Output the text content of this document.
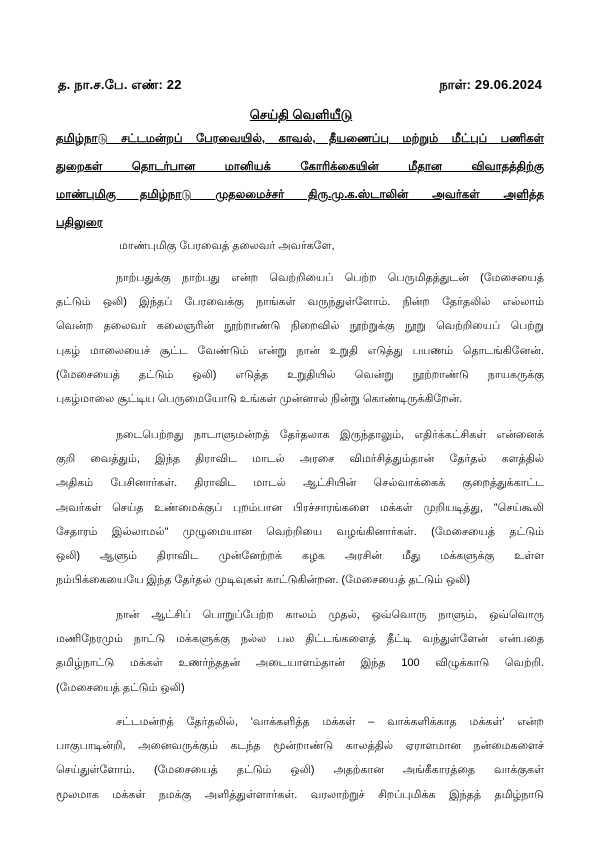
த. நா.ச.பே. எண்: 22	நாள்: 29.06.2024
செய்தி வெளியீடு
தமிழ்நாடு சட்டமன்றப் பேரவையில், காவல், தீயணைப்பு மற்றும் மீட்புப் பணிகள்
துறைகள் தொடர்பான மானியக் கோரிக்கையின் மீதான விவாதத்திற்கு
மாண்புமிகு தமிழ்நாடு முதலமைச்சர் திரு.மு.க.ஸ்டாலின் அவர்கள் அளித்த
பதிலுரை
மாண்புமிகு பேரவைத் தலைவர் அவர்களே,
நாற்பதுக்கு நாற்பது என்ற வெற்றியைப் பெற்ற பெருமிதத்துடன் (மேசையைத்
தட்டும் ஒலி) இந்தப் பேரவைக்கு நாங்கள் வருந்துள்ளோம். நின்ற தேர்தலில் எல்லாம்
வென்ற தலைவர் கலைஞரின் நூற்றாண்டு நிறைவில் நூற்றுக்கு நூறு வெற்றியைப் பெற்று
புகழ் மாலையைச் சூட்ட வேண்டும் என்று நான் உறுதி எடுத்து பயணம் தொடங்கினேன்.
(மேசையைத் தட்டும் ஒலி) எடுத்த உறுதியில் வென்று நூற்றாண்டு நாயகருக்கு
புகழ்மாலை சூட்டிய பெருமையோடு உங்கள் முன்னால் நின்று கொண்டிருக்கிறேன்.
நடைபெற்றது நாடாளுமன்றத் தேர்தலாக இருந்தாலும், எதிர்க்கட்சிகள் என்னைக்
குறி வைத்தும், இந்த திராவிட மாடல் அரசை விமர்சித்தும்தான் தேர்தல் களத்தில்
அதிகம் பேசினார்கள். திராவிட மாடல் ஆட்சியின் செல்வாக்கைக் குறைத்துக்காட்ட
அவர்கள் செய்த உண்மைக்குப் புறம்பான பிரச்சாரங்களை மக்கள் முறியடித்து, "செய்கூலி
சேதாரம் இல்லாமல்" முழுமையான வெற்றியை வழங்கினார்கள். (மேசையைத் தட்டும்
ஒலி) ஆளும் திராவிட முன்னேற்றக் கழக அரசின் மீது மக்களுக்கு உள்ள
நம்பிக்கையையே இந்த தேர்தல் முடிவுகள் காட்டுகின்றன. (மேசையைத் தட்டும் ஒலி)
நான் ஆட்சிப் பொறுப்பேற்ற காலம் முதல், ஒவ்வொரு நாளும், ஒவ்வொரு
மணிநேரமும் நாட்டு மக்களுக்கு நல்ல பல திட்டங்களைத் தீட்டி வந்துள்ளேன் என்பதை
தமிழ்நாட்டு மக்கள் உணர்ந்ததன் அடையாளம்தான் இந்த 100 விழுக்காடு வெற்றி.
(மேசையைத் தட்டும் ஒலி)
சட்டமன்றத் தேர்தலில், 'வாக்களித்த மக்கள் – வாக்களிக்காத மக்கள்' என்ற
பாகுபாடின்றி, அனைவருக்கும் கடந்த மூன்றாண்டு காலத்தில் ஏராளமான நன்மைகளைச்
செய்துள்ளோம். (மேசையைத் தட்டும் ஒலி) அதற்கான அங்கீகாரத்தை வாக்குகள்
மூலமாக மக்கள் நமக்கு அளித்துள்ளார்கள். வரலாற்றுச் சிறப்புமிக்க இந்தத் தமிழ்நாடு
